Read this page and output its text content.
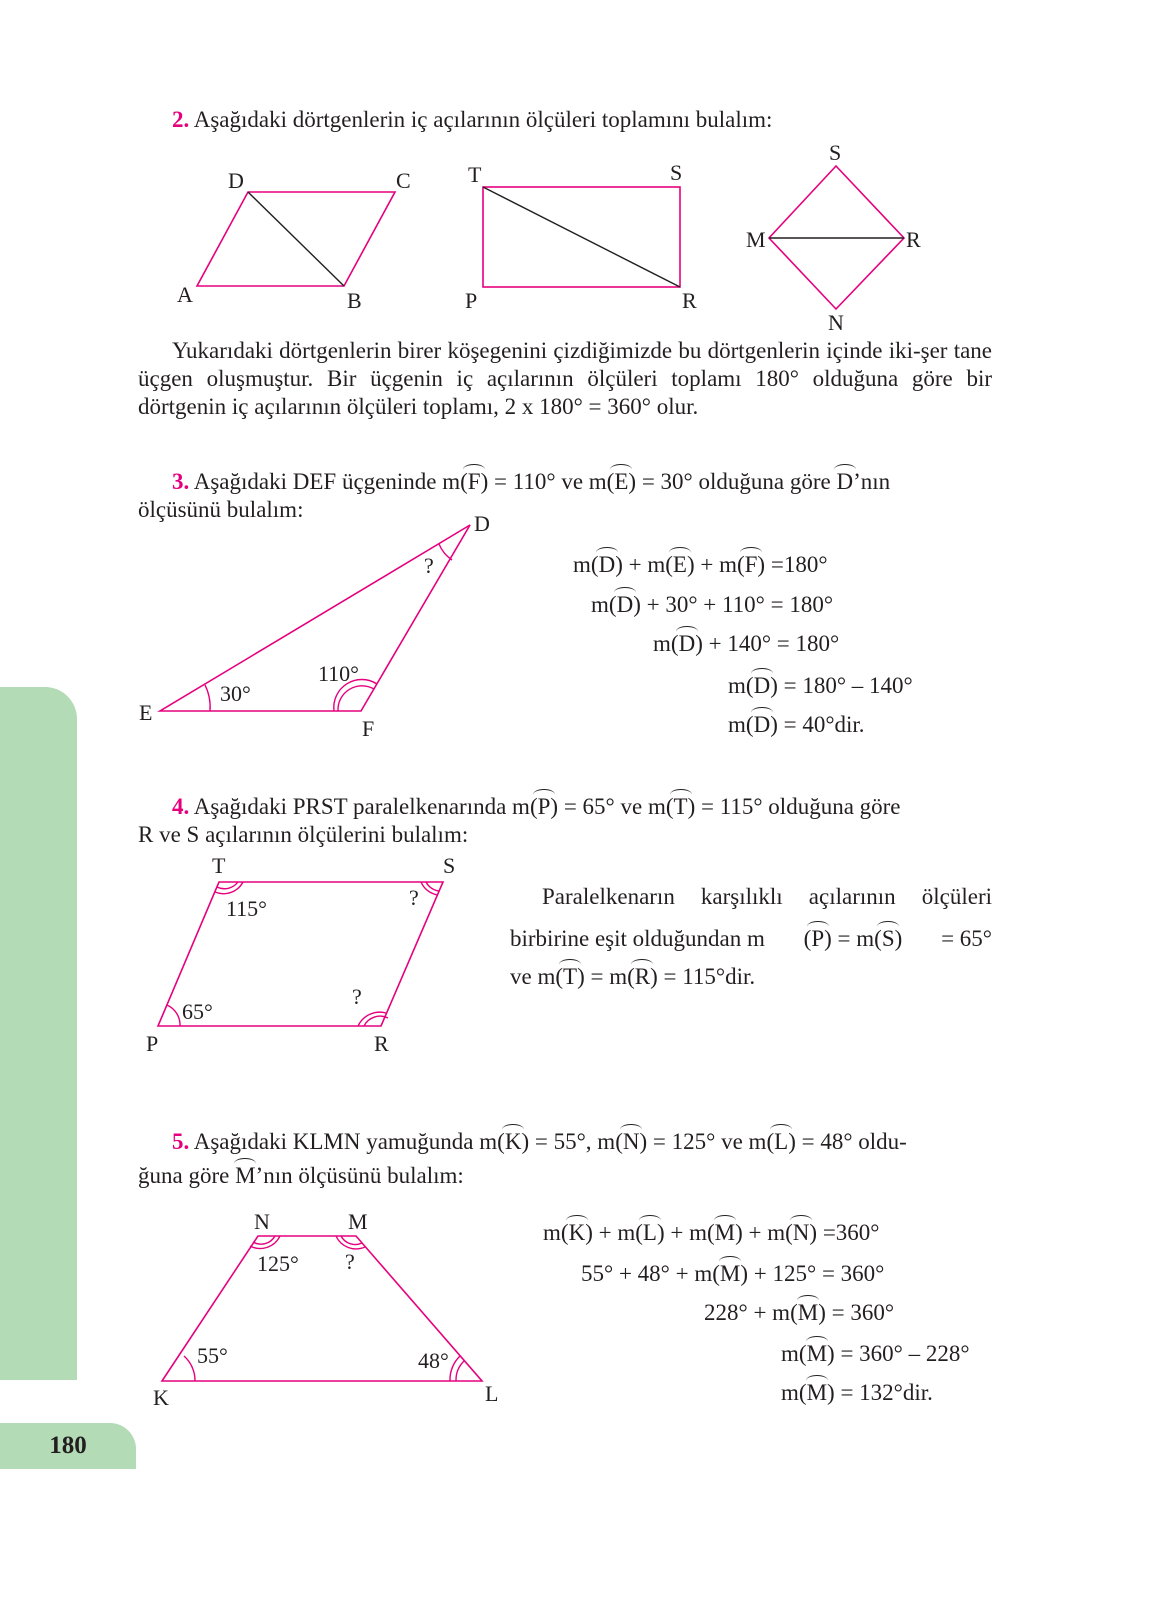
180
2. Aşağıdaki dörtgenlerin iç açılarının ölçüleri toplamını bulalım:
D	C
A	B
T	S
P	R
S
M	R
N
Yukarıdaki dörtgenlerin birer köşegenini çizdiğimizde bu dörtgenlerin içinde iki-şer tane üçgen oluşmuştur. Bir üçgenin iç açılarının ölçüleri toplamı 180° olduğuna göre bir dörtgenin iç açılarının ölçüleri toplamı, 2 x 180° = 360° olur.
3. Aşağıdaki DEF üçgeninde m(F) = 110° ve m(E) = 30° olduğuna göre D’nın
ölçüsünü bulalım:
D
E
F
30°
110°
?	m(D) + m(E) + m(F) =180°
m(D) + 30° + 110° = 180°
m(D) + 140° = 180°
m(D) = 180° – 140°
m(D) = 40°dir.
4. Aşağıdaki PRST paralelkenarında m(P) = 65° ve m(T) = 115° olduğuna göre
R ve S açılarının ölçülerini bulalım:
T	S
P	R
115°	?
65°
?
Paralelkenarın karşılıklı açılarının ölçüleri
birbirine eşit olduğundan m (P) = m(S) = 65°
ve m(T) = m(R) = 115°dir.
5. Aşağıdaki KLMN yamuğunda m(K) = 55°, m(N) = 125° ve m(L) = 48° oldu-
ğuna göre M’nın ölçüsünü bulalım:
N	M
K	L
125° ?
55°	48°
m(K) + m(L) + m(M) + m(N) =360°
55° + 48° + m(M) + 125° = 360°
228° + m(M) = 360°
m(M) = 360° – 228°
m(M) = 132°dir.
